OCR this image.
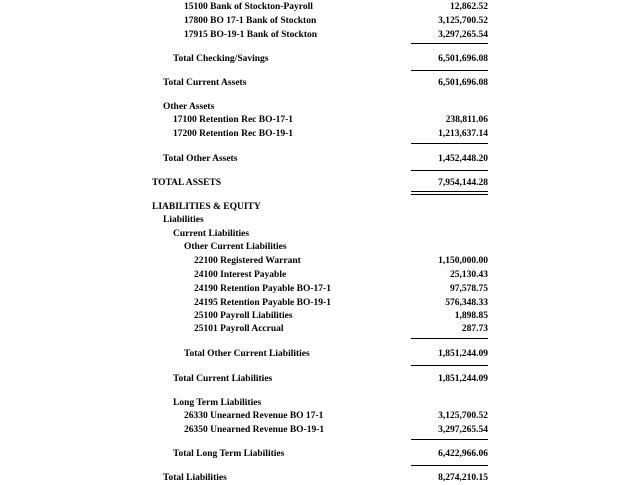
15100 Bank of Stockton-Payroll	12,862.52
17800 BO 17-1 Bank of Stockton	3,125,700.52
17915 BO-19-1 Bank of Stockton	3,297,265.54
Total Checking/Savings	6,501,696.08
Total Current Assets	6,501,696.08
Other Assets
17100 Retention Rec BO-17-1	238,811.06
17200 Retention Rec BO-19-1	1,213,637.14
Total Other Assets	1,452,448.20
TOTAL ASSETS	7,954,144.28
LIABILITIES & EQUITY
Liabilities
Current Liabilities
Other Current Liabilities
22100 Registered Warrant	1,150,000.00
24100 Interest Payable	25,130.43
24190 Retention Payable BO-17-1	97,578.75
24195 Retention Payable BO-19-1	576,348.33
25100 Payroll Liabilities	1,898.85
25101 Payroll Accrual	287.73
Total Other Current Liabilities	1,851,244.09
Total Current Liabilities	1,851,244.09
Long Term Liabilities
26330 Unearned Revenue BO 17-1	3,125,700.52
26350 Unearned Revenue BO-19-1	3,297,265.54
Total Long Term Liabilities	6,422,966.06
Total Liabilities	8,274,210.15
